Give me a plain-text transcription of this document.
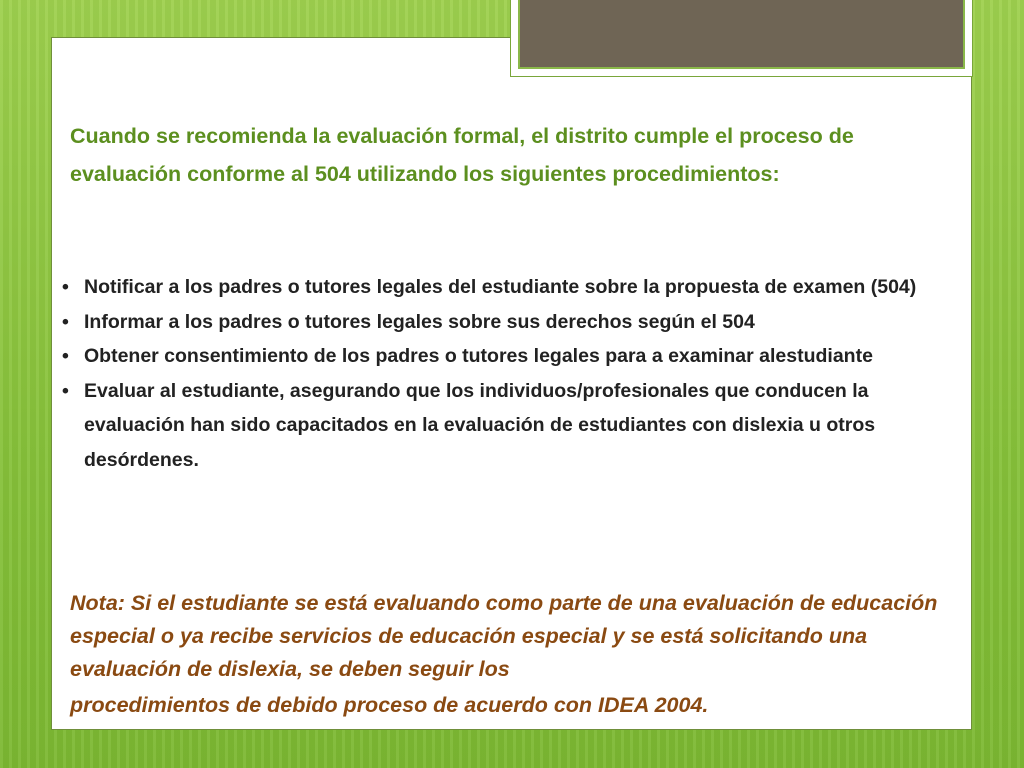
Cuando se recomienda la evaluación formal, el distrito cumple el proceso de evaluación conforme al 504 utilizando los siguientes procedimientos:

• Notificar a los padres o tutores legales del estudiante sobre la propuesta de examen (504)
• Informar a los padres o tutores legales sobre sus derechos según el 504
• Obtener consentimiento de los padres o tutores legales para a examinar alestudiante
• Evaluar al estudiante, asegurando que los individuos/profesionales que conducen la evaluación han sido capacitados en la evaluación de estudiantes con dislexia u otros desórdenes.

Nota: Si el estudiante se está evaluando como parte de una evaluación de educación especial o ya recibe servicios de educación especial y se está solicitando una evaluación de dislexia, se deben seguir los
procedimientos de debido proceso de acuerdo con IDEA 2004.
